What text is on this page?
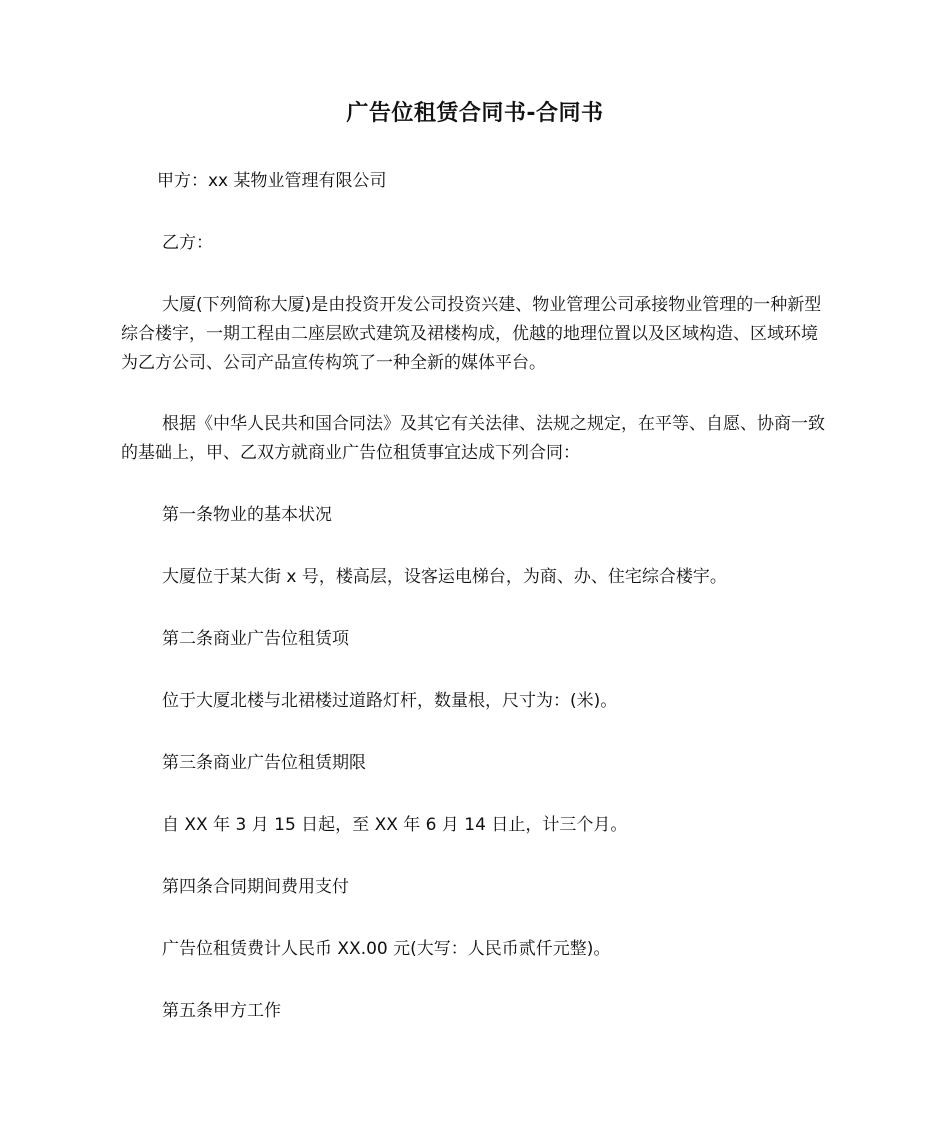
广告位租赁合同书-合同书

甲方：xx 某物业管理有限公司

乙方：

大厦(下列简称大厦)是由投资开发公司投资兴建、物业管理公司承接物业管理的一种新型综合楼宇，一期工程由二座层欧式建筑及裙楼构成，优越的地理位置以及区域构造、区域环境为乙方公司、公司产品宣传构筑了一种全新的媒体平台。

根据《中华人民共和国合同法》及其它有关法律、法规之规定，在平等、自愿、协商一致的基础上，甲、乙双方就商业广告位租赁事宜达成下列合同：

第一条物业的基本状况

大厦位于某大街 x 号，楼高层，设客运电梯台，为商、办、住宅综合楼宇。

第二条商业广告位租赁项

位于大厦北楼与北裙楼过道路灯杆，数量根，尺寸为：(米)。

第三条商业广告位租赁期限

自 XX 年 3 月 15 日起，至 XX 年 6 月 14 日止，计三个月。

第四条合同期间费用支付

广告位租赁费计人民币 XX.00 元(大写：人民币贰仟元整)。

第五条甲方工作
